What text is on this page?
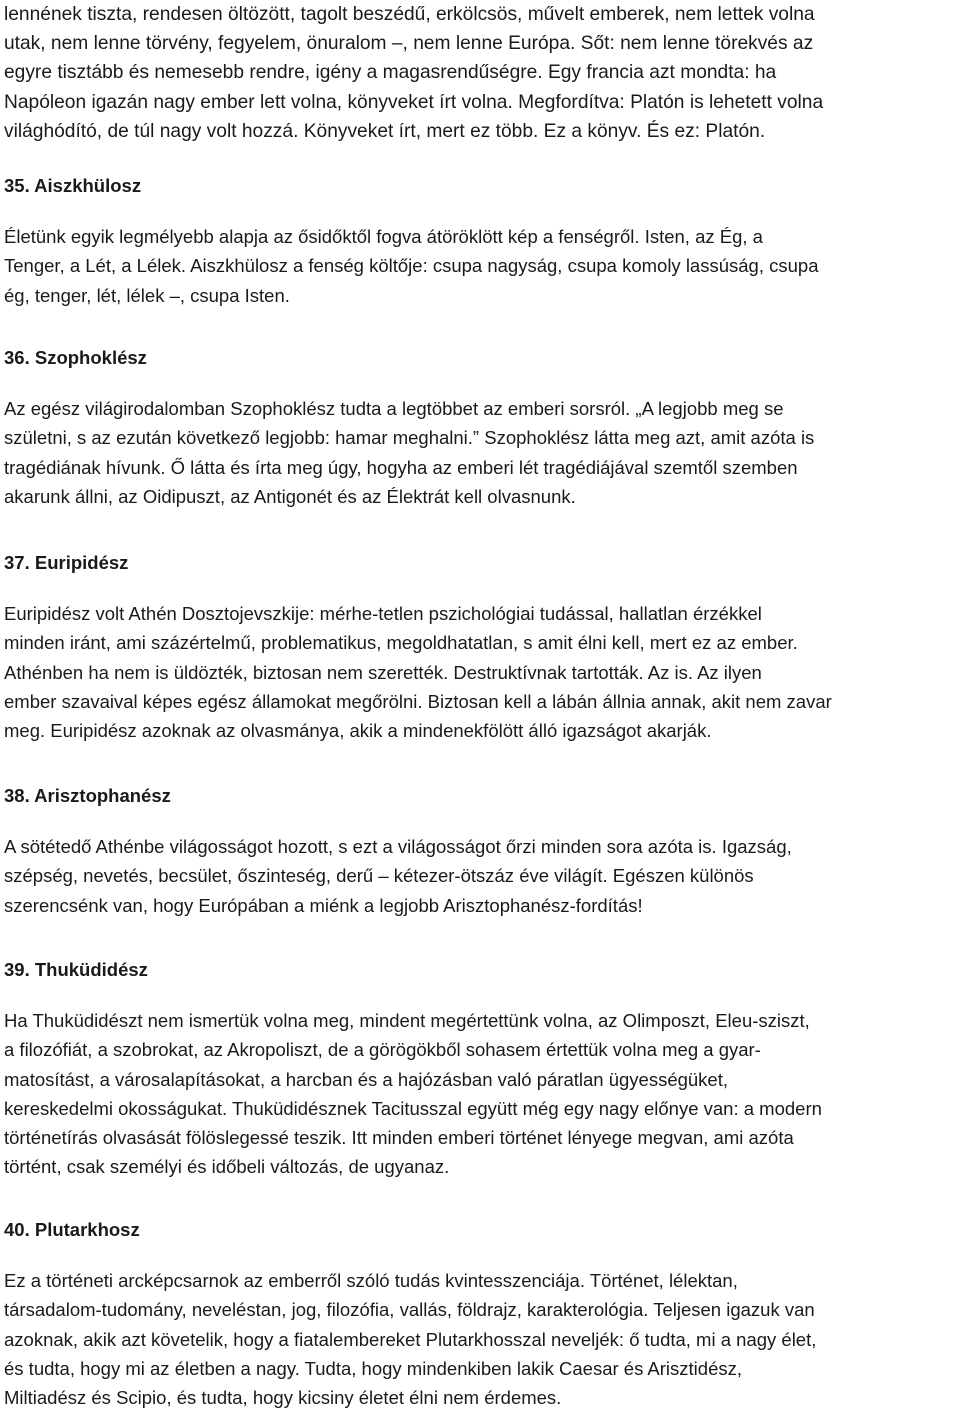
lennének tiszta, rendesen öltözött, tagolt beszédű, erkölcsös, művelt emberek, nem lettek volna
utak, nem lenne törvény, fegyelem, önuralom –, nem lenne Európa. Sőt: nem lenne törekvés az
egyre tisztább és nemesebb rendre, igény a magasrendűségre. Egy francia azt mondta: ha
Napóleon igazán nagy ember lett volna, könyveket írt volna. Megfordítva: Platón is lehetett volna
világhódító, de túl nagy volt hozzá. Könyveket írt, mert ez több. Ez a könyv. És ez: Platón.

35. Aiszkhülosz

Életünk egyik legmélyebb alapja az ősidőktől fogva átöröklött kép a fenségről. Isten, az Ég, a
Tenger, a Lét, a Lélek. Aiszkhülosz a fenség költője: csupa nagyság, csupa komoly lassúság, csupa
ég, tenger, lét, lélek –, csupa Isten.

36. Szophoklész

Az egész világirodalomban Szophoklész tudta a legtöbbet az emberi sorsról. „A legjobb meg se
születni, s az ezután következő legjobb: hamar meghalni.” Szophoklész látta meg azt, amit azóta is
tragédiának hívunk. Ő látta és írta meg úgy, hogyha az emberi lét tragédiájával szemtől szemben
akarunk állni, az Oidipuszt, az Antigonét és az Élektrát kell olvasnunk.

37. Euripidész

Euripidész volt Athén Dosztojevszkije: mérhe-tetlen pszichológiai tudással, hallatlan érzékkel
minden iránt, ami százértelmű, problematikus, megoldhatatlan, s amit élni kell, mert ez az ember.
Athénben ha nem is üldözték, biztosan nem szerették. Destruktívnak tartották. Az is. Az ilyen
ember szavaival képes egész államokat megőrölni. Biztosan kell a lábán állnia annak, akit nem zavar
meg. Euripidész azoknak az olvasmánya, akik a mindenekfölött álló igazságot akarják.

38. Arisztophanész

A sötétedő Athénbe világosságot hozott, s ezt a világosságot őrzi minden sora azóta is. Igazság,
szépség, nevetés, becsület, őszinteség, derű – kétezer-ötszáz éve világít. Egészen különös
szerencsénk van, hogy Európában a miénk a legjobb Arisztophanész-fordítás!

39. Thuküdidész

Ha Thuküdidészt nem ismertük volna meg, mindent megértettünk volna, az Olimposzt, Eleu-sziszt,
a filozófiát, a szobrokat, az Akropoliszt, de a görögökből sohasem értettük volna meg a gyar-
matosítást, a városalapításokat, a harcban és a hajózásban való páratlan ügyességüket,
kereskedelmi okosságukat. Thuküdidésznek Tacitusszal együtt még egy nagy előnye van: a modern
történetírás olvasását fölöslegessé teszik. Itt minden emberi történet lényege megvan, ami azóta
történt, csak személyi és időbeli változás, de ugyanaz.

40. Plutarkhosz

Ez a történeti arcképcsarnok az emberről szóló tudás kvintesszenciája. Történet, lélektan,
társadalom-tudomány, neveléstan, jog, filozófia, vallás, földrajz, karakterológia. Teljesen igazuk van
azoknak, akik azt követelik, hogy a fiatalembereket Plutarkhosszal neveljék: ő tudta, mi a nagy élet,
és tudta, hogy mi az életben a nagy. Tudta, hogy mindenkiben lakik Caesar és Arisztidész,
Miltiadész és Scipio, és tudta, hogy kicsiny életet élni nem érdemes.
